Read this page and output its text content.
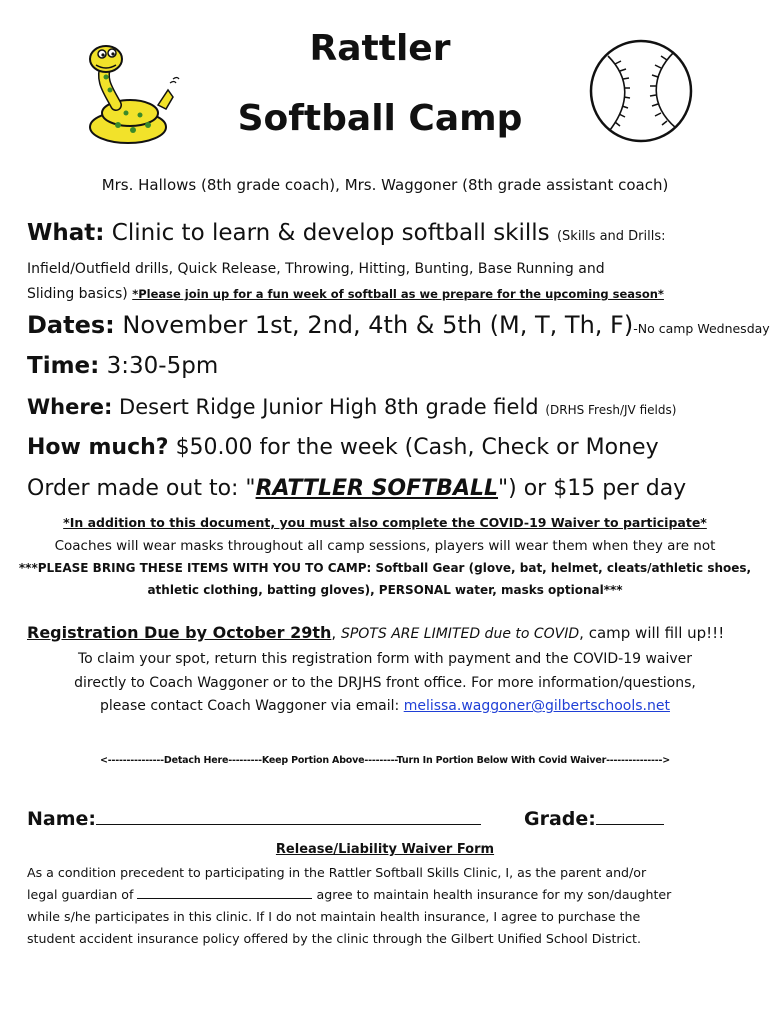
Rattler
Softball Camp
Mrs. Hallows (8th grade coach), Mrs. Waggoner (8th grade assistant coach)
What: Clinic to learn & develop softball skills (Skills and Drills:
Infield/Outfield drills, Quick Release, Throwing, Hitting, Bunting, Base Running and
Sliding basics) *Please join up for a fun week of softball as we prepare for the upcoming season*
Dates: November 1st, 2nd, 4th & 5th (M, T, Th, F)-No camp Wednesday
Time: 3:30-5pm
Where: Desert Ridge Junior High 8th grade field (DRHS Fresh/JV fields)
How much? $50.00 for the week (Cash, Check or Money
Order made out to: "RATTLER SOFTBALL") or $15 per day
*In addition to this document, you must also complete the COVID-19 Waiver to participate*
Coaches will wear masks throughout all camp sessions, players will wear them when they are not
***PLEASE BRING THESE ITEMS WITH YOU TO CAMP: Softball Gear (glove, bat, helmet, cleats/athletic shoes,
athletic clothing, batting gloves), PERSONAL water, masks optional***
Registration Due by October 29th, SPOTS ARE LIMITED due to COVID, camp will fill up!!!
To claim your spot, return this registration form with payment and the COVID-19 waiver
directly to Coach Waggoner or to the DRJHS front office. For more information/questions,
please contact Coach Waggoner via email: melissa.waggoner@gilbertschools.net
<---------------Detach Here---------Keep Portion Above---------Turn In Portion Below With Covid Waiver--------------->
Name:	Grade:
Release/Liability Waiver Form
As a condition precedent to participating in the Rattler Softball Skills Clinic, I, as the parent and/or
legal guardian of	agree to maintain health insurance for my son/daughter
while s/he participates in this clinic. If I do not maintain health insurance, I agree to purchase the
student accident insurance policy offered by the clinic through the Gilbert Unified School District.
